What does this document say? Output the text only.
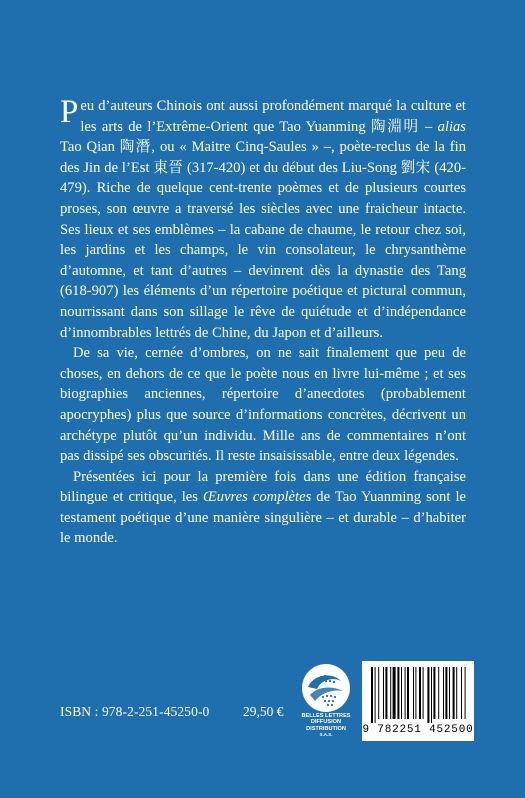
Peu d’auteurs Chinois ont aussi profondément marqué la culture et les arts de l’Extrême-Orient que Tao Yuanming 陶淵明 – alias Tao Qian 陶潛, ou « Maitre Cinq-Saules » –, poète-reclus de la fin des Jin de l’Est 東晉 (317-420) et du début des Liu-Song 劉宋 (420-479). Riche de quelque cent-trente poèmes et de plusieurs courtes proses, son œuvre a traversé les siècles avec une fraicheur intacte. Ses lieux et ses emblèmes – la cabane de chaume, le retour chez soi, les jardins et les champs, le vin consolateur, le chrysanthème d’automne, et tant d’autres – devinrent dès la dynastie des Tang (618-907) les éléments d’un répertoire poétique et pictural commun, nourrissant dans son sillage le rêve de quiétude et d’indépendance d’innombrables lettrés de Chine, du Japon et d’ailleurs.

De sa vie, cernée d’ombres, on ne sait finalement que peu de choses, en dehors de ce que le poète nous en livre lui-même ; et ses biographies anciennes, répertoire d’anecdotes (probablement apocryphes) plus que source d’informations concrètes, décrivent un archétype plutôt qu’un individu. Mille ans de commentaires n’ont pas dissipé ses obscurités. Il reste insaisissable, entre deux légendes.

Présentées ici pour la première fois dans une édition française bilingue et critique, les Œuvres complètes de Tao Yuanming sont le testament poétique d’une manière singulière – et durable – d’habiter le monde.

BELLES LETTRES
DIFFUSION
DISTRIBUTION
S.A.S.
ISBN : 978-2-251-45250-0 29,50 €
9 782251 452500
